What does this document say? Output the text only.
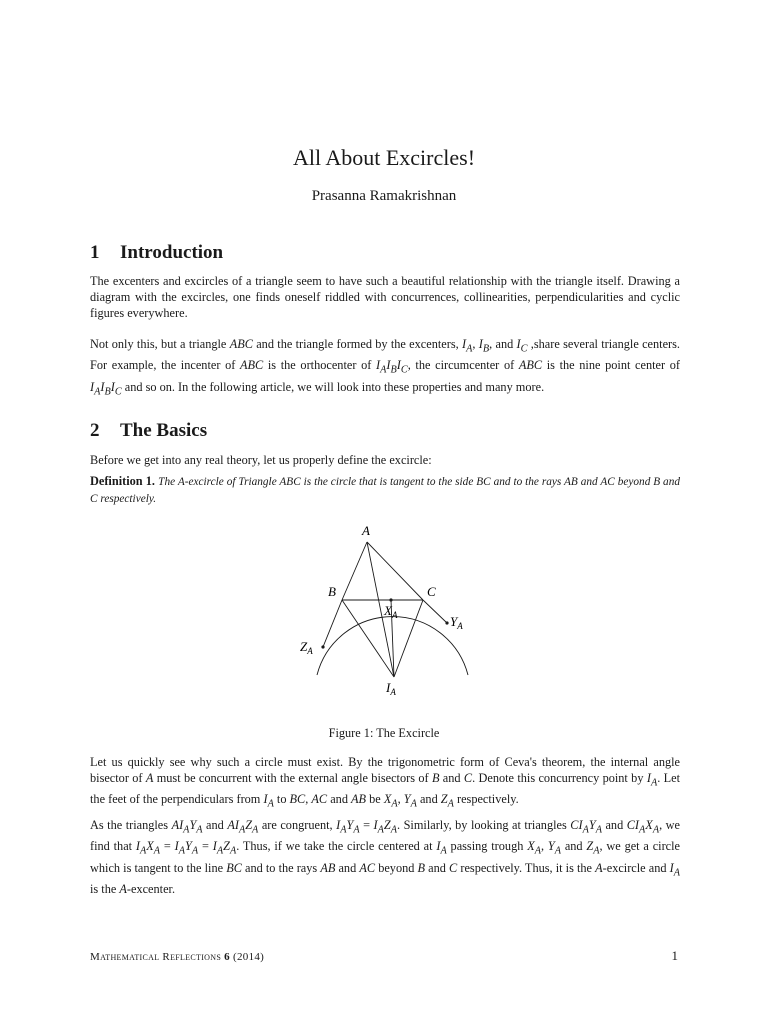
All About Excircles!
Prasanna Ramakrishnan
1 Introduction
The excenters and excircles of a triangle seem to have such a beautiful relationship with the triangle itself. Drawing a diagram with the excircles, one finds oneself riddled with concurrences, collinearities, perpendicularities and cyclic figures everywhere.
Not only this, but a triangle ABC and the triangle formed by the excenters, $I_A$, $I_B$, and $I_C$ ,share several triangle centers. For example, the incenter of ABC is the orthocenter of $I_AI_BI_C$, the circumcenter of ABC is the nine point center of $I_AI_BI_C$ and so on. In the following article, we will look into these properties and many more.
2 The Basics
Before we get into any real theory, let us properly define the excircle:
Definition 1. The A-excircle of Triangle ABC is the circle that is tangent to the side BC and to the rays AB and AC beyond B and C respectively.
A
B	C
$X_A$	$Y_A$
$Z_A$
$I_A$
Figure 1: The Excircle
Let us quickly see why such a circle must exist. By the trigonometric form of Ceva's theorem, the internal angle bisector of A must be concurrent with the external angle bisectors of B and C. Denote this concurrency point by $I_A$. Let the feet of the perpendiculars from $I_A$ to BC, AC and AB be $X_A$, $Y_A$ and $Z_A$ respectively.
As the triangles $AI_AY_A$ and $AI_AZ_A$ are congruent, $I_AY_A = I_AZ_A$. Similarly, by looking at triangles $CI_AY_A$ and $CI_AX_A$, we find that $I_AX_A = I_AY_A = I_AZ_A$. Thus, if we take the circle centered at $I_A$ passing trough $X_A$, $Y_A$ and $Z_A$, we get a circle which is tangent to the line BC and to the rays AB and AC beyond B and C respectively. Thus, it is the A-excircle and $I_A$ is the A-excenter.
Mathematical Reflections 6 (2014)	1
